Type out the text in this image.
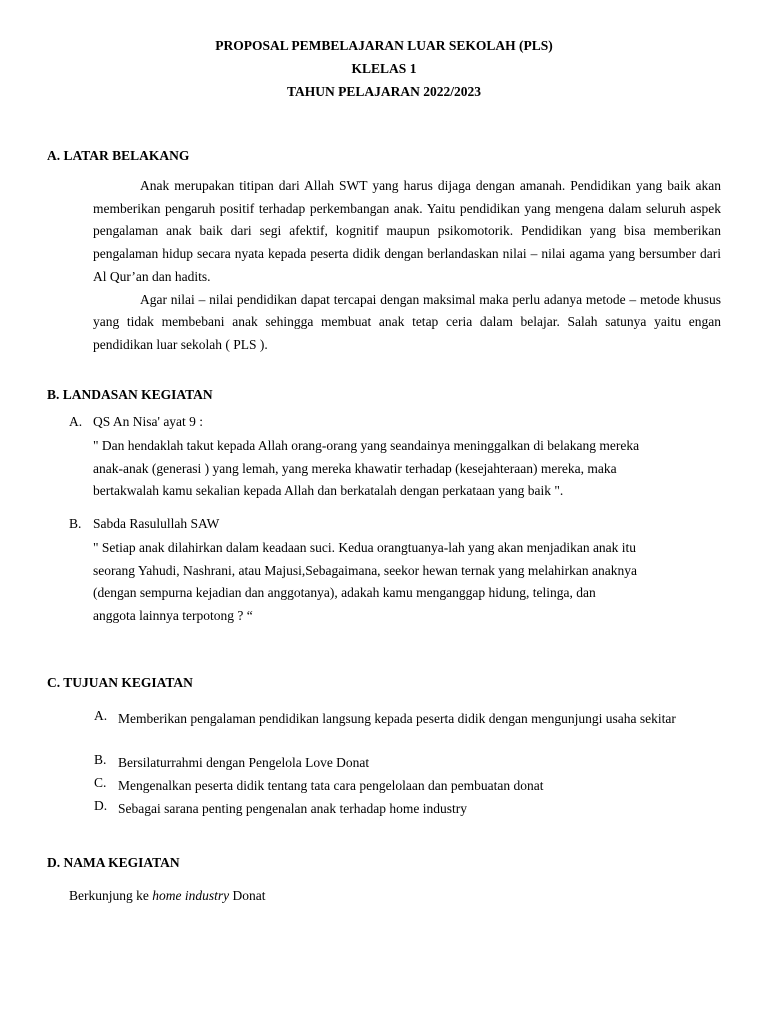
PROPOSAL PEMBELAJARAN LUAR SEKOLAH (PLS)
KLELAS 1
TAHUN PELAJARAN 2022/2023
A. LATAR BELAKANG

Anak merupakan titipan dari Allah SWT yang harus dijaga dengan amanah. Pendidikan yang baik akan memberikan pengaruh positif terhadap perkembangan anak. Yaitu pendidikan yang mengena dalam seluruh aspek pengalaman anak baik dari segi afektif, kognitif maupun psikomotorik. Pendidikan yang bisa memberikan pengalaman hidup secara nyata kepada peserta didik dengan berlandaskan nilai – nilai agama yang bersumber dari Al Qur’an dan hadits.

Agar nilai – nilai pendidikan dapat tercapai dengan maksimal maka perlu adanya metode – metode khusus yang tidak membebani anak sehingga membuat anak tetap ceria dalam belajar. Salah satunya yaitu engan pendidikan luar sekolah ( PLS ).

B. LANDASAN KEGIATAN
A. QS An Nisa' ayat 9 :
" Dan hendaklah takut kepada Allah orang-orang yang seandainya meninggalkan di belakang mereka
anak-anak (generasi ) yang lemah, yang mereka khawatir terhadap (kesejahteraan) mereka, maka
bertakwalah kamu sekalian kepada Allah dan berkatalah dengan perkataan yang baik ".
B. Sabda Rasulullah SAW
" Setiap anak dilahirkan dalam keadaan suci. Kedua orangtuanya-lah yang akan menjadikan anak itu
seorang Yahudi, Nashrani, atau Majusi,Sebagaimana, seekor hewan ternak yang melahirkan anaknya
(dengan sempurna kejadian dan anggotanya), adakah kamu menganggap hidung, telinga, dan
anggota lainnya terpotong ? “
C. TUJUAN KEGIATAN
A. Memberikan pengalaman pendidikan langsung kepada peserta didik dengan mengunjungi usaha sekitar
B. Bersilaturrahmi dengan Pengelola Love Donat
C. Mengenalkan peserta didik tentang tata cara pengelolaan dan pembuatan donat
D. Sebagai sarana penting pengenalan anak terhadap home industry
D. NAMA KEGIATAN
Berkunjung ke home industry Donat
